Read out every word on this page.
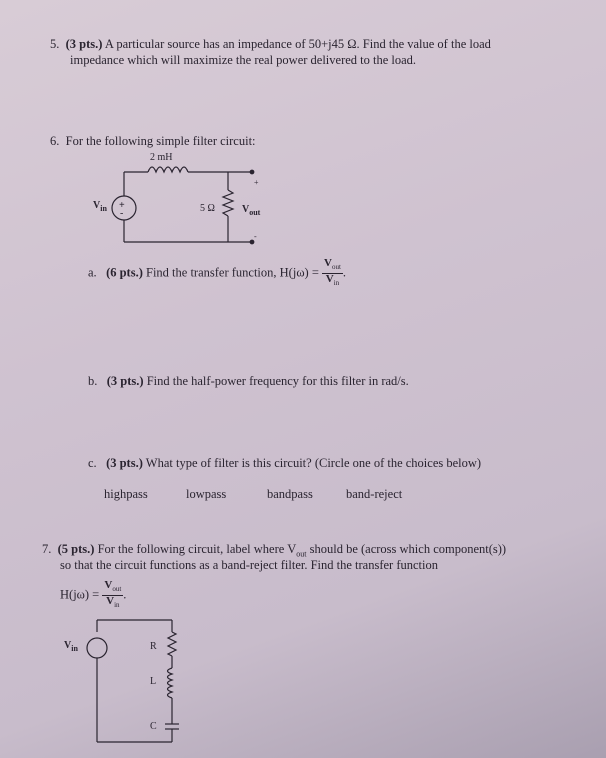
5. (3 pts.) A particular source has an impedance of 50+j45 Ω. Find the value of the load
impedance which will maximize the real power delivered to the load.
6. For the following simple filter circuit:
2 mH
5 Ω
$V_{in}$ +
-
+
-
$V_{out}$
a. (6 pts.) Find the transfer function, $H(j\omega) = \frac{V_{out}}{V_{in}}$ .
b. (3 pts.) Find the half-power frequency for this filter in rad/s.
c. (3 pts.) What type of filter is this circuit? (Circle one of the choices below)
highpass	lowpass	bandpass	band-reject
7. (5 pts.) For the following circuit, label where $V_{out}$ should be (across which component(s))
so that the circuit functions as a band-reject filter. Find the transfer function
$H(j\omega) = \frac{V_{out}}{V_{in}}$ .
$V_{in}$	R
L
C
